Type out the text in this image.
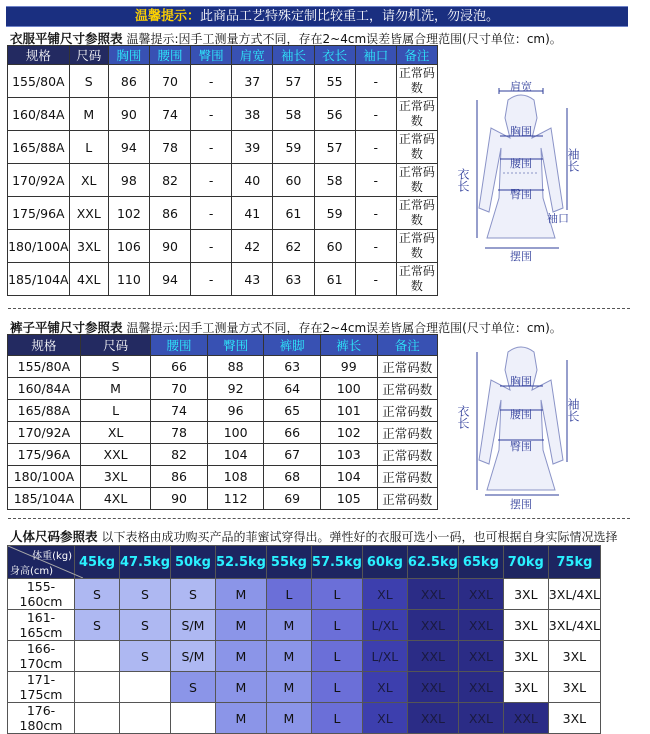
温馨提示：此商品工艺特殊定制比较重工，请勿机洗，勿浸泡。
衣服平铺尺寸参照表 温馨提示:因手工测量方式不同，存在2~4cm误差皆属合理范围(尺寸单位：cm)。
规格	尺码	胸围	腰围	臀围	肩宽	袖长	衣长	袖口	备注
155/80A	S	86	70	-	37	57	55	-	正常码数
160/84A	M	90	74	-	38	58	56	-	正常码数
165/88A	L	94	78	-	39	59	57	-	正常码数
170/92A	XL	98	82	-	40	60	58	-	正常码数
175/96A	XXL	102	86	-	41	61	59	-	正常码数
180/100A	3XL	106	90	-	42	62	60	-	正常码数
185/104A	4XL	110	94	-	43	63	61	-	正常码数
肩宽
胸围
腰围
臀围
摆围
衣长
袖长
袖口
裤子平铺尺寸参照表 温馨提示:因手工测量方式不同，存在2~4cm误差皆属合理范围(尺寸单位：cm)。
规格	尺码	腰围	臀围	裤脚	裤长	备注
155/80A	S	66	88	63	99	正常码数
160/84A	M	70	92	64	100	正常码数
165/88A	L	74	96	65	101	正常码数
170/92A	XL	78	100	66	102	正常码数
175/96A	XXL	82	104	67	103	正常码数
180/100A	3XL	86	108	68	104	正常码数
185/104A	4XL	90	112	69	105	正常码数
胸围
腰围
臀围
摆围
衣长	袖长
人体尺码参照表 以下表格由成功购买产品的菲蜜试穿得出。弹性好的衣服可选小一码，也可根据自身实际情况选择
体重(kg)
身高(cm)	45kg	47.5kg	50kg	52.5kg	55kg	57.5kg	60kg	62.5kg	65kg	70kg	75kg
155-160cm	S	S	S	M	L	L	XL	XXL	XXL	3XL	3XL/4XL
161-165cm	S	S	S/M	M	M	L	L/XL	XXL	XXL	3XL	3XL/4XL
166-170cm		S	S/M	M	M	L	L/XL	XXL	XXL	3XL	3XL
171-175cm			S	M	M	L	XL	XXL	XXL	3XL	3XL
176-180cm				M	M	L	XL	XXL	XXL	XXL	3XL
